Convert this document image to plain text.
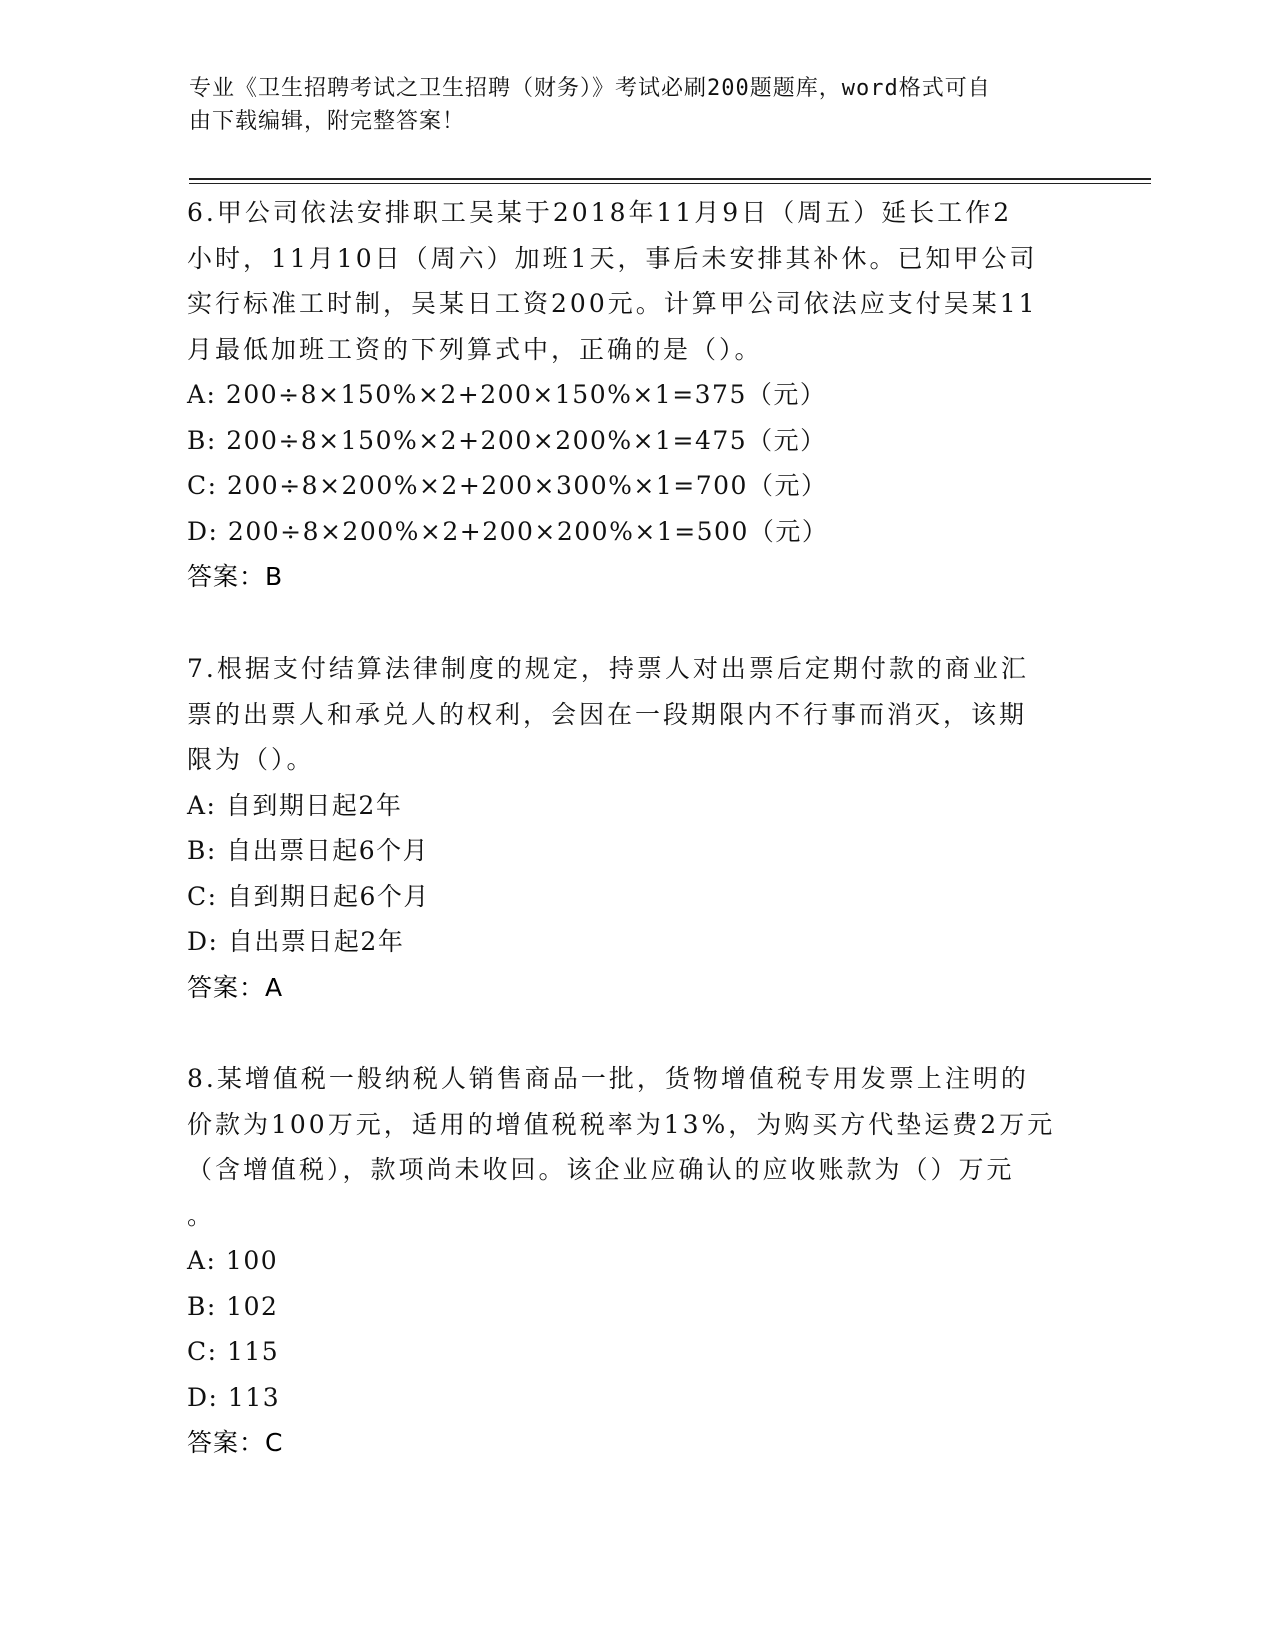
专业《卫生招聘考试之卫生招聘（财务）》考试必刷200题题库，word格式可自
由下载编辑，附完整答案！
6.甲公司依法安排职工吴某于2018年11月9日（周五）延长工作2
小时，11月10日（周六）加班1天，事后未安排其补休。已知甲公司
实行标准工时制，吴某日工资200元。计算甲公司依法应支付吴某11
月最低加班工资的下列算式中，正确的是（）。
A: 200÷8×150%×2+200×150%×1=375（元）
B: 200÷8×150%×2+200×200%×1=475（元）
C: 200÷8×200%×2+200×300%×1=700（元）
D: 200÷8×200%×2+200×200%×1=500（元）
答案：B
7.根据支付结算法律制度的规定，持票人对出票后定期付款的商业汇
票的出票人和承兑人的权利，会因在一段期限内不行事而消灭，该期
限为（）。
A: 自到期日起2年
B: 自出票日起6个月
C: 自到期日起6个月
D: 自出票日起2年
答案：A
8.某增值税一般纳税人销售商品一批，货物增值税专用发票上注明的
价款为100万元，适用的增值税税率为13%，为购买方代垫运费2万元
（含增值税），款项尚未收回。该企业应确认的应收账款为（）万元
。
A: 100
B: 102
C: 115
D: 113
答案：C
